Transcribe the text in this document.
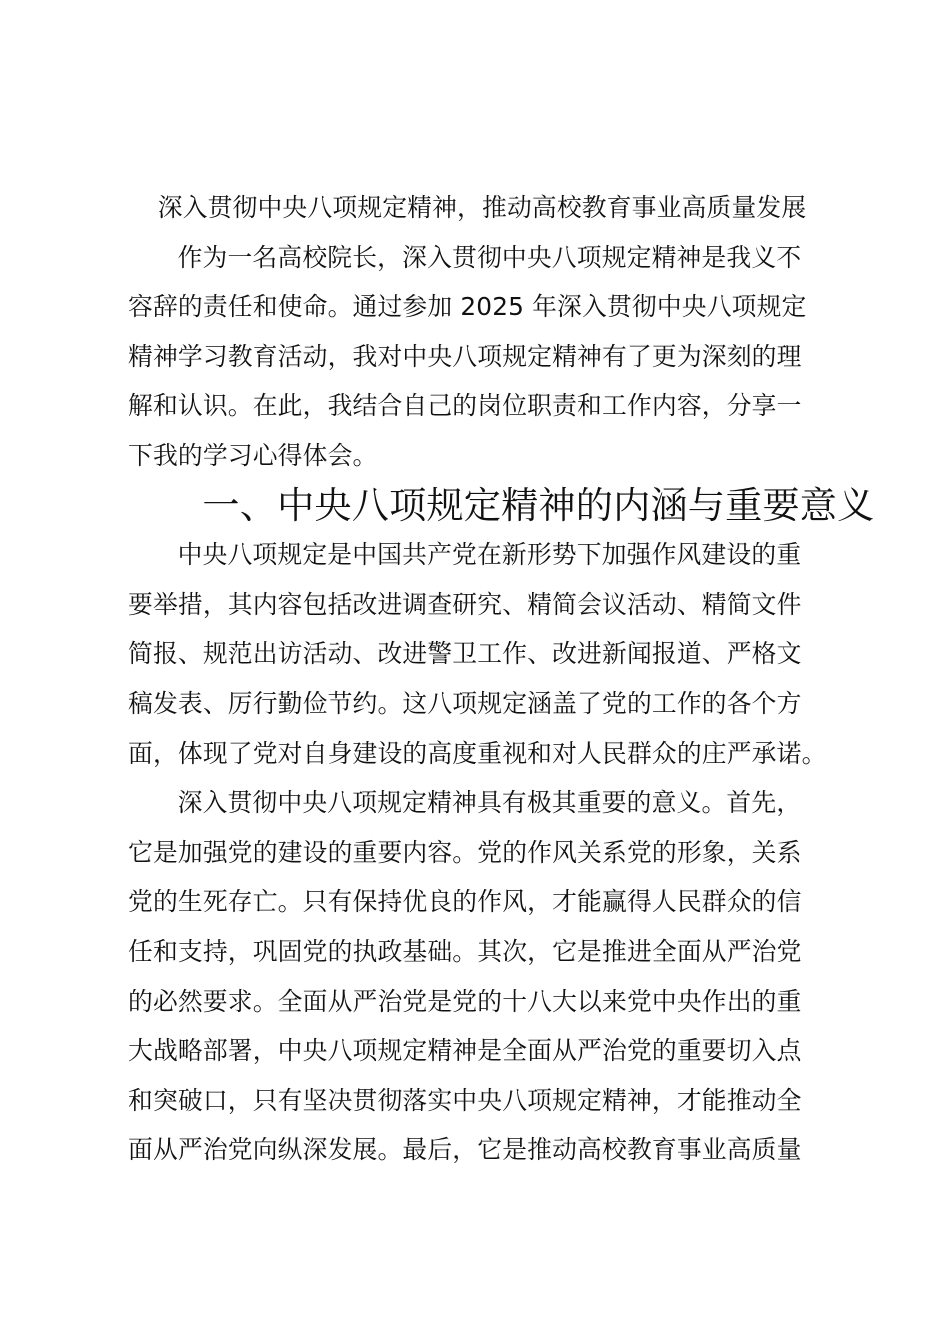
深入贯彻中央八项规定精神，推动高校教育事业高质量发展

作为一名高校院长，深入贯彻中央八项规定精神是我义不
容辞的责任和使命。通过参加 2025 年深入贯彻中央八项规定
精神学习教育活动，我对中央八项规定精神有了更为深刻的理
解和认识。在此，我结合自己的岗位职责和工作内容，分享一
下我的学习心得体会。

一、中央八项规定精神的内涵与重要意义

中央八项规定是中国共产党在新形势下加强作风建设的重
要举措，其内容包括改进调查研究、精简会议活动、精简文件
简报、规范出访活动、改进警卫工作、改进新闻报道、严格文
稿发表、厉行勤俭节约。这八项规定涵盖了党的工作的各个方
面，体现了党对自身建设的高度重视和对人民群众的庄严承诺。

深入贯彻中央八项规定精神具有极其重要的意义。首先，
它是加强党的建设的重要内容。党的作风关系党的形象，关系
党的生死存亡。只有保持优良的作风，才能赢得人民群众的信
任和支持，巩固党的执政基础。其次，它是推进全面从严治党
的必然要求。全面从严治党是党的十八大以来党中央作出的重
大战略部署，中央八项规定精神是全面从严治党的重要切入点
和突破口，只有坚决贯彻落实中央八项规定精神，才能推动全
面从严治党向纵深发展。最后，它是推动高校教育事业高质量
